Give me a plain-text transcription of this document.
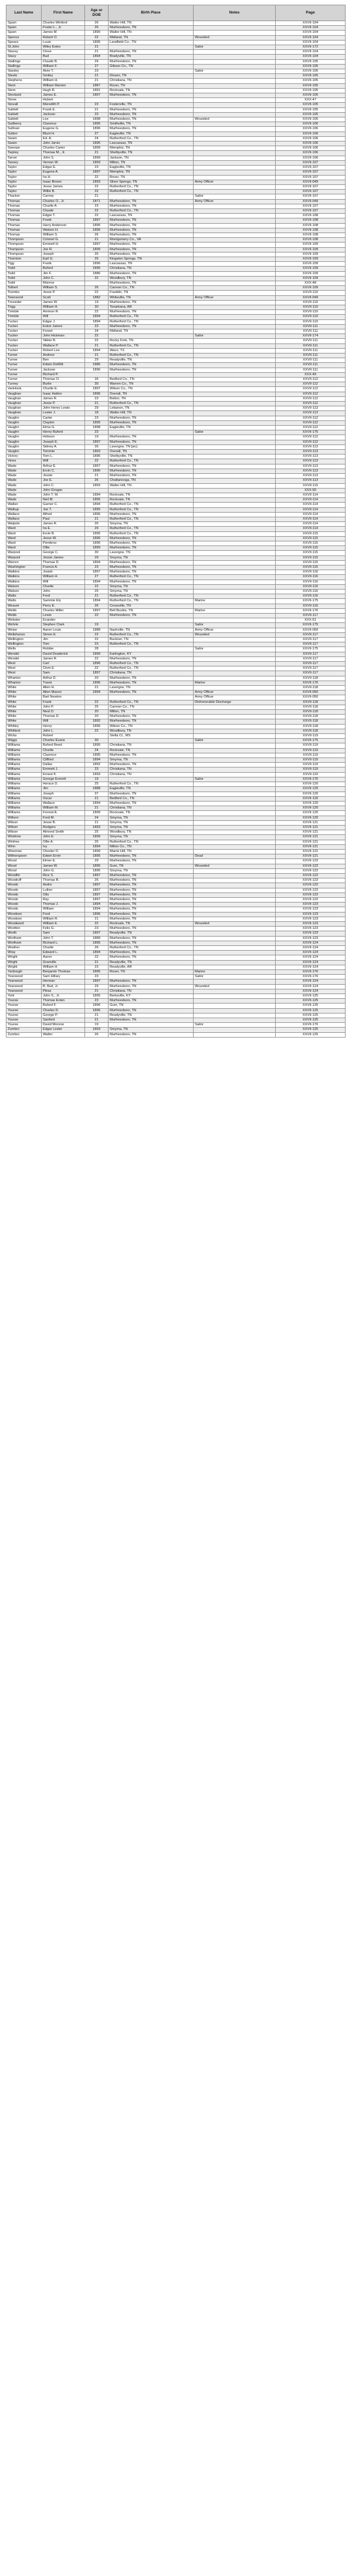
Last Name	First Name	Age or DOB	Birth Place	Notes	Page
Spain	Charles Winford	26	Walter Hill, TN		XXVII-104
Spain	Foster L., Jr.	26	Murfreesboro, TN		XXVII-104
Spain	James M.	1890	Walter Hill, TN		XXVII-104
Spence	Robert O.	22	Midland, TN	Wounded	XXVII-104
Spears	Louis	1895	Landfield Co., TN		XXVII-104
St.John	Wiley Estes	21		Sailor	XXVII-172
Stacey	Cleve	21	Murfreesboro, TN		XXVII-104
Stacy	Bud	1894	Bradyville, TN		XXVII-104
Stallings	Claude B.	29	Murfreesboro, TN		XXVII-105
Stallings	William F.	27	Gibson Co., TN		XXVII-105
Stanley	Alvie T.	23		Sailor	XXVII-105
Steele	Smiley	21	Dixsen, TN		XXVII-105
Stephens	William H.	21	Christiana, TN		XXVII-105
Stem	William Manion	1887	Rover, TN		XXVII-105
Stem	Hugh R.	1891	Rockvale, TN		XXVII-105
Stockard	James E.	1897	Murfreesboro, TN		XXVII-105
Stone	Hubert				XXX-47
Stovall	Meredith P.	23	Fosterville, TN		XXVII-105
Sublett	Frank E.	21	Murfreesboro, TN		XXVII-105
Sublett	Jackson	23	Murfreesboro, TN		XXVII-105
Sublett	Lee	1898	Murfreesboro, TN	Wounded	XXVII-105
Sudberry	Clarence	1895	Smithville, TN		XXVII-106
Sullivan	Eugene G.	1896	Murfreesboro, TN		XXVII-106
Sutton	Blunt H.	27	Eagleville, TN		XXVII-106
Swain	Ed. A.	24	Rutherford Co., TN		XXVII-106
Swain	John Jarvis	1896	Lascassas, TN		XXVII-106
Swoope	Charles Carter	1899	Memphis, TN		XXVII-106
Tarpley	Thomas M., Jr.	21	Shelbyville, TN		XXVII-106
Tarver	John S.	1899	Jackson, TN		XXVII-106
Tassey	Vernon W.	1893	Milton, TN		XXVII-107
Taylor	Edgar E.	23	Eagleville, TN		XXVII-107
Taylor	Eugene A.	1897	Memphis, TN		XXVII-107
Taylor	Ira H.	22	Rover, TN		XXVII-107
Taylor	Isaac Brown	1893	Silver Springs, TN	Army Officer	XXVII-049
Taylor	Jesse James	22	Rutherford Co., TN		XXVII-107
Taylor	Willie B.	22	Rutherford Co., TN		XXVII-107
Thacker	Carney	21		Sailor	XXVII-107
Thomas	Charles O., Jr.	1871	Murfreesboro, TN	Army Officer	XXVII-049
Thomas	Charlie A.	23	Murfreesboro, TN		XXVII-107
Thomas	Claude	22	Rutherford Co., TN		XXVII-107
Thomas	Edgar T.	22	Lascassas, TN		XXVII-108
Thomas	Frank	1897	Murfreesboro, TN		XXVII-108
Thomas	Harry Anderson	1896	Murfreesboro, TN		XXVII-108
Thomas	Watson H.	1895	Murfreesboro, TN		XXVII-108
Thomas	William S.	26	Murfreesboro, TN		XXVII-108
Thompson	Colonel G.	21	Montgomery Co., VA		XXVII-108
Thompson	Emmett H.	1897	Murfreesboro, TN		XXVII-109
Thompson	Joe R.	1899	Murfreesboro, TN		XXVII-109
Thompson	Joseph	25	Murfreesboro, TN		XXVII-109
Thornton	Earl G.	25	Kingston Springs, TN		XXVII-109
Tigg	Frank	1896	Lascassas, TN		XXVII-109
Todd	Buford	1896	Christiana, TN		XXVII-109
Todd	Jim F.	1886	Murfreesboro, TN		XXVII-109
Todd	John C.	22	Woodbury, TN		XXVII-109
Todd	Monroe		Murfreesboro, TN		XXX-48
Tolbert	William S.	26	Cannon Co., TN		XXVII-109
Toombs	Jesse P.	22	Franklin, TN		XXVII-110
Townsend	Scott	1882	Whiteville, TN	Army Officer	XXVII-049
Tressider	James W.	19	Murfreesboro, TN		XXVII-110
Trigg	William H.	30	Texarkana, AR		XXVII-110
Trimble	Ammon R.	22	Murfreesboro, TN		XXVII-110
Trimble	Will	1894	Rutherford Co., TN		XXVII-110
Tucker	Edgar J.	1894	Rutherford Co., TN		XXVII-110
Tucker	Eskor James	23	Murfreesboro, TN		XXVII-111
Tucker	Forest	24	Midland, TN		XXVII-111
Tucker	John Hickman	22		Sailor	XXVII-174
Tucker	Sikkie B.	22	Rocky Fork, TN		XXVII-111
Tucker	Wallace P.	21	Rutherford Co., TN		XXVII-111
Tucker	Robert Lee	1894	Waco, TX		XXVII-111
Turner	Andrew	21	Rutherford Co., TN		XXVII-111
Turner	Ben	29	Readyville, TN		XXVII-111
Turner	Edwin DeWitt	1886	Murfreesboro, TN		XXVII-111
Turner	Jackson	1896	Murfreesboro, TN		XXVII-111
Turner	Richard P.				XXX-49
Turner	Thomas O.	26	Bedford Co., TN		XXVII-112
Turney	Burlie	30	Warren Co., TN		XXVII-112
VanHook	Charlie E.	1897	Wilson Co., TN		XXVII-112
Vaughan	Isaac Hatton	1896	Overall, TN		XXVII-112
Vaughan	James R.	23	Bolton, TN		XXVII-112
Vaughan	Jesse P.	21	Rutherford Co., TN		XXVII-112
Vaughan	John Henry Lewis	29	Lebanon, TN		XXVII-113
Vaughan	Lester J.	18	Walter Hill, TN		XXVII-113
Vaughn	Carter	23	Murfreesboro, TN		XXVII-112
Vaughn	Clayton	1895	Murfreesboro, TN		XXVII-112
Vaughn	Elma G.	1898	Eagleville, TN		XXVII-112
Vaughn	Henry Buford	23		Sailor	XXVII-175
Vaughn	Hobson	19	Murfreesboro, TN		XXVII-112
Vaughn	Joseph E.	1897	Murfreesboro, TN		XXVII-112
Vaughn	Sidney A.	26	Lavergne, TN [sic]		XXVII-113
Vaughn	Tommie	1893	Overall, TN		XXVII-113
Victory	Tom L.	1896	Shelbyville, TN		XXVII-113
Vines	Will	22	Rutherford Co., TN		XXVII-113
Wade	Arthur E.	1897	Murfreesboro, TN		XXVII-113
Wade	Ervin C.	1896	Murfreesboro, TN		XXVII-113
Wade	Jessie	21	Murfreesboro, TN		XXVII-113
Wade	Joe E.	26	Chattanooga, TN		XXVII-113
Wade	John C.	1893	Walter Hill, TN		XXVII-115
Wade	John Grogan				XXX-50
Wade	John T. M.	1894	Rockvale, TN		XXVII-114
Wade	Neil M.	1895	Rockvale, TN		XXVII-114
Walker	Garner C.	1894	Rutherford Co., TN		XXVII-114
Walkup	Joe T.	1895	Rutherford Co., TN		XXVII-114
Wallace	Alfred	1896	Murfreesboro, TN		XXVII-114
Wallace	Paul	21	Rutherford Co., TN		XXVII-114
Walpole	James R.	26	Smyrna, TN		XXVII-114
Ward	Ira E.	29	Rutherford Co., TN		XXVII-114
Ward	Ervie B.	1895	Rutherford Co., TN		XXVII-115
Ward	Jesse W.	1896	Murfreesboro, TN		XXVII-115
Ward	Pembroo	1896	Murfreesboro, TN		XXVII-115
Ward	Ollie	1899	Murfreesboro, TN		XXVII-115
Warpool	George C.	30	Lavergne, TN		XXVII-115
Warpool	Jessie James	29	Smyrna, TN		XXVII-115
Warren	Thomas D.	1894	Murfreesboro, TN		XXVII-115
Washington	Francis A.	23	Murfreesboro, TN		XXVII-115
Watkins	Josiah	1897	Murfreesboro, TN		XXVII-116
Watkins	William H.	27	Rutherford Co., TN		XXVII-116
Watkins	Will	1894	Murfreesboro, TN		XXVII-116
Watson	Charlie	22	Smyrna, TN		XXVII-116
Watson	John	25	Smyrna, TN		XXVII-116
Watts	Fred	21	Rutherford Co., TN		XXVII-116
Watts	Sammie Ely	1894	Rutherford Co., TN	Marine	XXVII-175
Weaver	Perry E.	26	Crossville, TN		XXVII-116
Webb	Charles Miller	1897	Bell Buckle, TN	Marine	XXVII-176
Webb	Lewis	22	Murfreesboro, TN		XXVII-117
Webster	Evander				XXX-51
Wehrle	Stephen Clark	19		Sailor	XXVII-175
Weise	Aaron Louis	1888	Nashville, TN	Army Officer	XXVII-050
Wellshanss	Simon E.	22	Rutherford Co., TN	Wounded	XXVII-117
Wellington	Jim	22	Buckner, TN		XXVII-117
Wellington	Tom	23	Rutherford Co., TN		XXVII-117
Wells	Robbie	28		Sailor	XXVII-175
Wendel	David Deaderick	1899	Earlington, KY		XXVII-117
Wendel	James R.	22	Murfreesboro, TN		XXVII-117
West	Carl	1896	Rutherford Co., TN		XXVII-117
West	Clem E.	22	Rutherford Co., TN		XXVII-117
West	Sam	1897	Christiana, TN		XXVII-117
Wharton	Arthur D.	20	Murfreesboro, TN		XXVII-118
Wharton	Travis	1896	Murfreesboro, TN	Marine	XXVII-176
White	Allen H.	21	Lavergne, TN		XXVII-118
White	Allen Mason	1894	Murfreesboro, TN	Army Officer	XXVII-050
White	Bart Newton			Army Officer	XXVII-050
White	Frank	22	Rutherford Co., TN	Dishonorable Discharge	XXVII-118
White	John P.	25	Cannon Co., TN		XXVII-118
White	Neal O.	20	Milton, TN		XXVII-118
White	Thomas D.	20	Murfreesboro, TN		XXVII-118
White	Will	1892	Murfreesboro, TN		XXVII-118
Whitley	Henry	1896	Wilson Co., TN		XXVII-118
Whitlock	John L.	22	Woodbury, TN		XXVII-118
Wicks	Robert		Stella Ct., MS		XXVII-119
Wiggs	Charles Evans	30		Sailor	XXVII-175
Williams	Buford Reed	1895	Christiana, TN		XXVII-119
Williams	Charlie	24	Rockvale, TN		XXVII-119
Williams	Clarence	1895	Murfreesboro, TN		XXVII-119
Williams	Clifford	1894	Smyrna, TN		XXVII-119
Williams	Dallas	1892	Murfreesboro, TN		XXVII-119
Williams	Emmett J.	23	Christiana, TN		XXVII-119
Williams	Ernest K.	1893	Christiana, TN		XXVII-119
Williams	George Everett	19		Sailor	XXVII-176
Williams	Horace D.	25	Rutherford Co., TN		XXVII-120
Williams	Jim	1888	Eagleville, TN		XXVII-120
Williams	Joseph	37	Murfreesboro, TN		XXVII-120
Williams	Oscar	21	Bedford Co., TN		XXVII-120
Williams	Wallace	1894	Murfreesboro, TN		XXVII-120
Williams	William M.	21	Christiana, TN		XXVII-120
Williams	Forrest A.	1899	Rockvale, TN		XXVII-120
Willson	Fred M.	24	Smyrna, TN		XXVII-120
Wilson	Jesse B.	21	Smyrna, TN		XXVII-121
Wilson	Rodgers	1893	Smyrna, TN		XXVII-121
Wilson	Almond Smith	25	Woodbury, TN		XXVII-121
Windrow	John E.	1899	Smyrna, TN		XXVII-121
Winfree	Ollie A.	26	Rutherford Co., TN		XXVII-121
Winn	Ivy	1894	Milton Co., TN		XXVII-121
Wiseman	Chester D.	1899	Marrie Hill, TN		XXVII-121
Witherspoon	Edwin Ervin	1895	Murfreesboro, TN	Dead	XXVII-121
Wood	Elmer E.	29	Murfreesboro, TN		XXVII-122
Wood	James W.	1895	Gum, TN	Wounded	XXVII-122
Wood	John G.	1895	Smyrna, TN		XXVII-122
Woodfin	Rice S.	1897	Murfreesboro, TN		XXVII-122
Woodruff	Thomas B.	26	Murfreesboro, TN		XXVII-122
Woods	Andre	1897	Murfreesboro, TN		XXVII-122
Woods	Luther	1897	Murfreesboro, TN		XXVII-122
Woods	Otis	1897	Murfreesboro, TN		XXVII-122
Woods	Ray	1897	Murfreesboro, TN		XXVII-122
Woods	Thomas J.	1894	Murfreesboro, TN		XXVII-123
Woods	William	1894	Murfreesboro, TN		XXVII-123
Woodson	Fred	1896	Murfreesboro, TN		XXVII-123
Woodson	William R.	21	Murfreesboro, TN		XXVII-123
Woodward	William E.	22	Rockvale, TN	Wounded	XXVII-123
Wootton	Felix G.	23	Murfreesboro, TN		XXVII-123
Worth	Sam	1897	Readyville, TN		XXVII-123
Wortham	John T.	1889	Murfreesboro, TN		XXVII-123
Wortham	Richard L.	1895	Murfreesboro, TN		XXVII-124
Wrather	Charlie	26	Rutherford Co., TN		XXVII-124
Wray	Edward L.	1894	Murfreesboro, TN		XXVII-124
Wright	Aaron	22	Murfreesboro, TN		XXVII-124
Wright	Granville	21	Readyville, TN		XXVII-124
Wright	William H.	23	Readyville, AR		XXVII-124
Yarbough	Benjamin Thomas	1895	Rover, TN	Marine	XXVII-176
Yearwood	Sam Hillary	23		Sailor	XXVII-176
Yearwood	Herman	1897	Murfreesboro, TN		XXVII-124
Yearwood	B. Bud, Jr.	29	Murfreesboro, TN	Wounded	XXVII-124
Yearwood	Pleaz	21	Christiana, TN		XXVII-124
York	John S., Jr.	1895	Berksville, KY		XXVII-125
Youree	Thomas Enlen	23	Murfreesboro, TN		XXVII-125
Youree	Buford F.	1896	Gum, TN		XXVII-125
Youree	Charles D.	1896	Murfreesboro, TN		XXVII-125
Youree	George P.	21	Readyville, TN		XXVII-125
Youree	Sanford	21	Murfreesboro, TN		XXVII-125
Youree	David Monroe	19		Sailor	XXVII-176
Zumbro	Edgar Lester	1893	Smyrna, TN		XXVII-125
Zumbro	Walter	26	Murfreesboro, TN		XXVII-125
